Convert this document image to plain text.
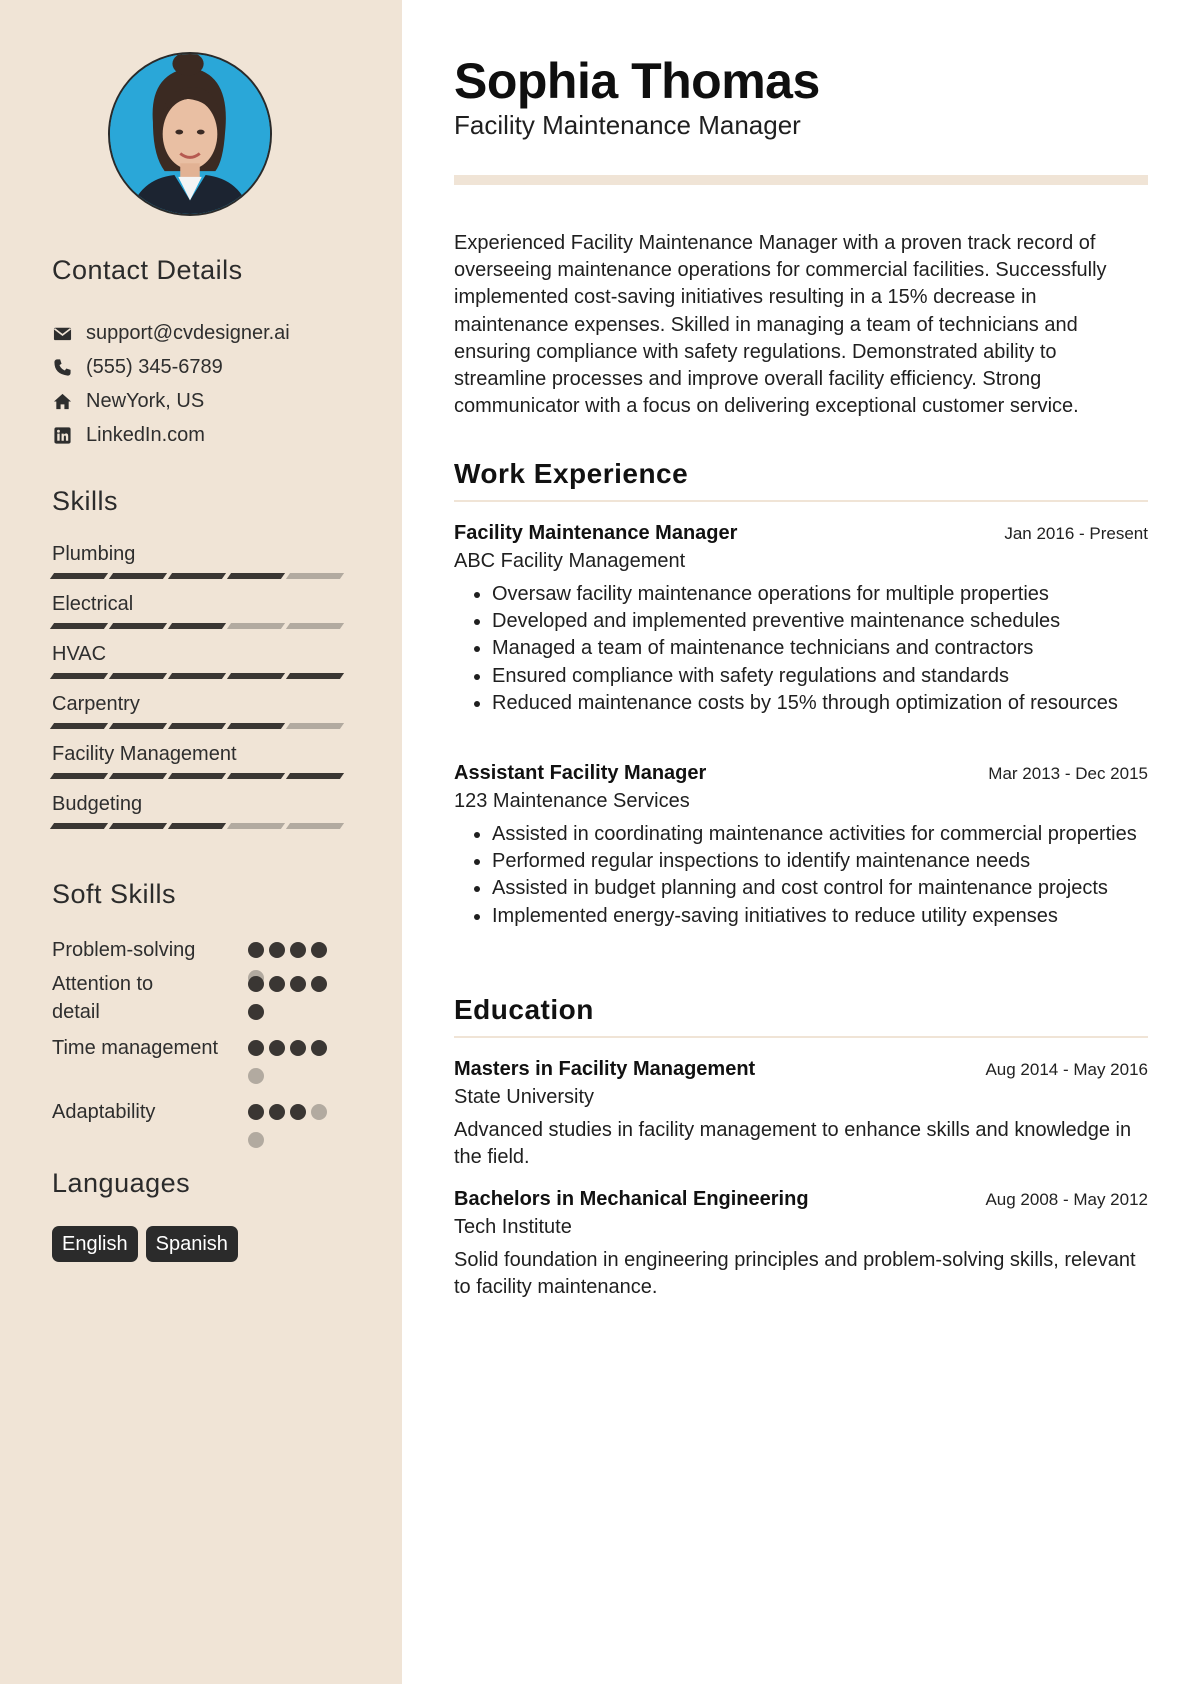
Contact Details
support@cvdesigner.ai
(555) 345-6789
NewYork, US
LinkedIn.com
Skills
Plumbing
Electrical
HVAC
Carpentry
Facility Management
Budgeting
Soft Skills
Problem-solving
Attention to detail
Time management
Adaptability
Languages
English	Spanish
Sophia Thomas
Facility Maintenance Manager

Experienced Facility Maintenance Manager with a proven track record of overseeing maintenance operations for commercial facilities. Successfully implemented cost-saving initiatives resulting in a 15% decrease in maintenance expenses. Skilled in managing a team of technicians and ensuring compliance with safety regulations. Demonstrated ability to streamline processes and improve overall facility efficiency. Strong communicator with a focus on delivering exceptional customer service.

Work Experience
Facility Maintenance Manager	Jan 2016 - Present
ABC Facility Management
• Oversaw facility maintenance operations for multiple properties
• Developed and implemented preventive maintenance schedules
• Managed a team of maintenance technicians and contractors
• Ensured compliance with safety regulations and standards
• Reduced maintenance costs by 15% through optimization of resources
Assistant Facility Manager	Mar 2013 - Dec 2015
123 Maintenance Services
• Assisted in coordinating maintenance activities for commercial properties
• Performed regular inspections to identify maintenance needs
• Assisted in budget planning and cost control for maintenance projects
• Implemented energy-saving initiatives to reduce utility expenses
Education
Masters in Facility Management	Aug 2014 - May 2016
State University

Advanced studies in facility management to enhance skills and knowledge in the field.

Bachelors in Mechanical Engineering	Aug 2008 - May 2012
Tech Institute

Solid foundation in engineering principles and problem-solving skills, relevant to facility maintenance.
